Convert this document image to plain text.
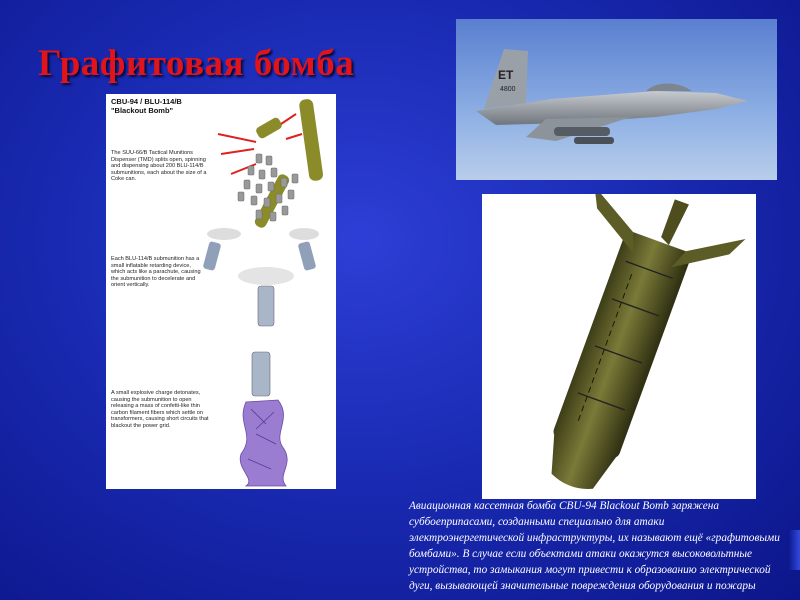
Графитовая бомба
CBU-94 / BLU-114/B
"Blackout Bomb"
The SUU-66/B Tactical Munitions Dispenser (TMD) splits open, spinning and dispensing about 200 BLU-114/B submunitions, each about the size of a Coke can.
Each BLU-114/B submunition has a small inflatable retarding device, which acts like a parachute, causing the submunition to decelerate and orient vertically.
A small explosive charge detonates, causing the submunition to open releasing a mass of confetti-like thin carbon filament fibers which settle on transformers, causing short circuits that blackout the power grid.
ET
4800
Авиационная кассетная бомба CBU-94 Blackout Bomb заряжена суббоеприпасами, созданными специально для атаки электроэнергетической инфраструктуры, их называют ещё «графитовыми бомбами». В случае если объектами атаки окажутся высоковольтные устройства, то замыкания могут привести к образованию электрической дуги, вызывающей значительные повреждения оборудования и пожары
